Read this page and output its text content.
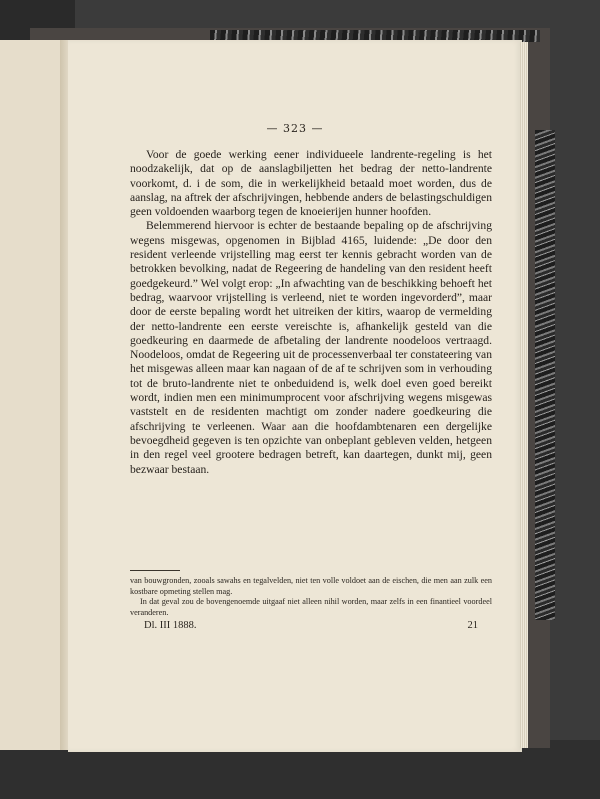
— 323 —

Voor de goede werking eener individueele landrente-regeling is het noodzakelijk, dat op de aanslagbiljetten het bedrag der netto-landrente voorkomt, d. i de som, die in werkelijkheid betaald moet worden, dus de aanslag, na aftrek der afschrijvingen, hebbende anders de belastingschuldigen geen voldoenden waarborg tegen de knoeierijen hunner hoofden.

Belemmerend hiervoor is echter de bestaande bepaling op de afschrijving wegens misgewas, opgenomen in Bijblad 4165, luidende: „De door den resident verleende vrijstelling mag eerst ter kennis gebracht worden van de betrokken bevolking, nadat de Regeering de handeling van den resident heeft goedgekeurd.” Wel volgt erop: „In afwachting van de beschikking behoeft het bedrag, waarvoor vrijstelling is verleend, niet te worden ingevorderd”, maar door de eerste bepaling wordt het uitreiken der kitirs, waarop de vermelding der netto-landrente een eerste vereischte is, afhankelijk gesteld van die goedkeuring en daarmede de afbetaling der landrente noodeloos vertraagd. Noodeloos, omdat de Regeering uit de processenverbaal ter constateering van het misgewas alleen maar kan nagaan of de af te schrijven som in verhouding tot de bruto-landrente niet te onbeduidend is, welk doel even goed bereikt wordt, indien men een minimumprocent voor afschrijving wegens misgewas vaststelt en de residenten machtigt om zonder nadere goedkeuring die afschrijving te verleenen. Waar aan die hoofdambtenaren een dergelijke bevoegdheid gegeven is ten opzichte van onbeplant gebleven velden, hetgeen in den regel veel grootere bedragen betreft, kan daartegen, dunkt mij, geen bezwaar bestaan.

van bouwgronden, zooals sawahs en tegalvelden, niet ten volle voldoet aan de eischen, die men aan zulk een kostbare opmeting stellen mag.

In dat geval zou de bovengenoemde uitgaaf niet alleen nihil worden, maar zelfs in een finantieel voordeel veranderen.

Dl. III 1888.	21
